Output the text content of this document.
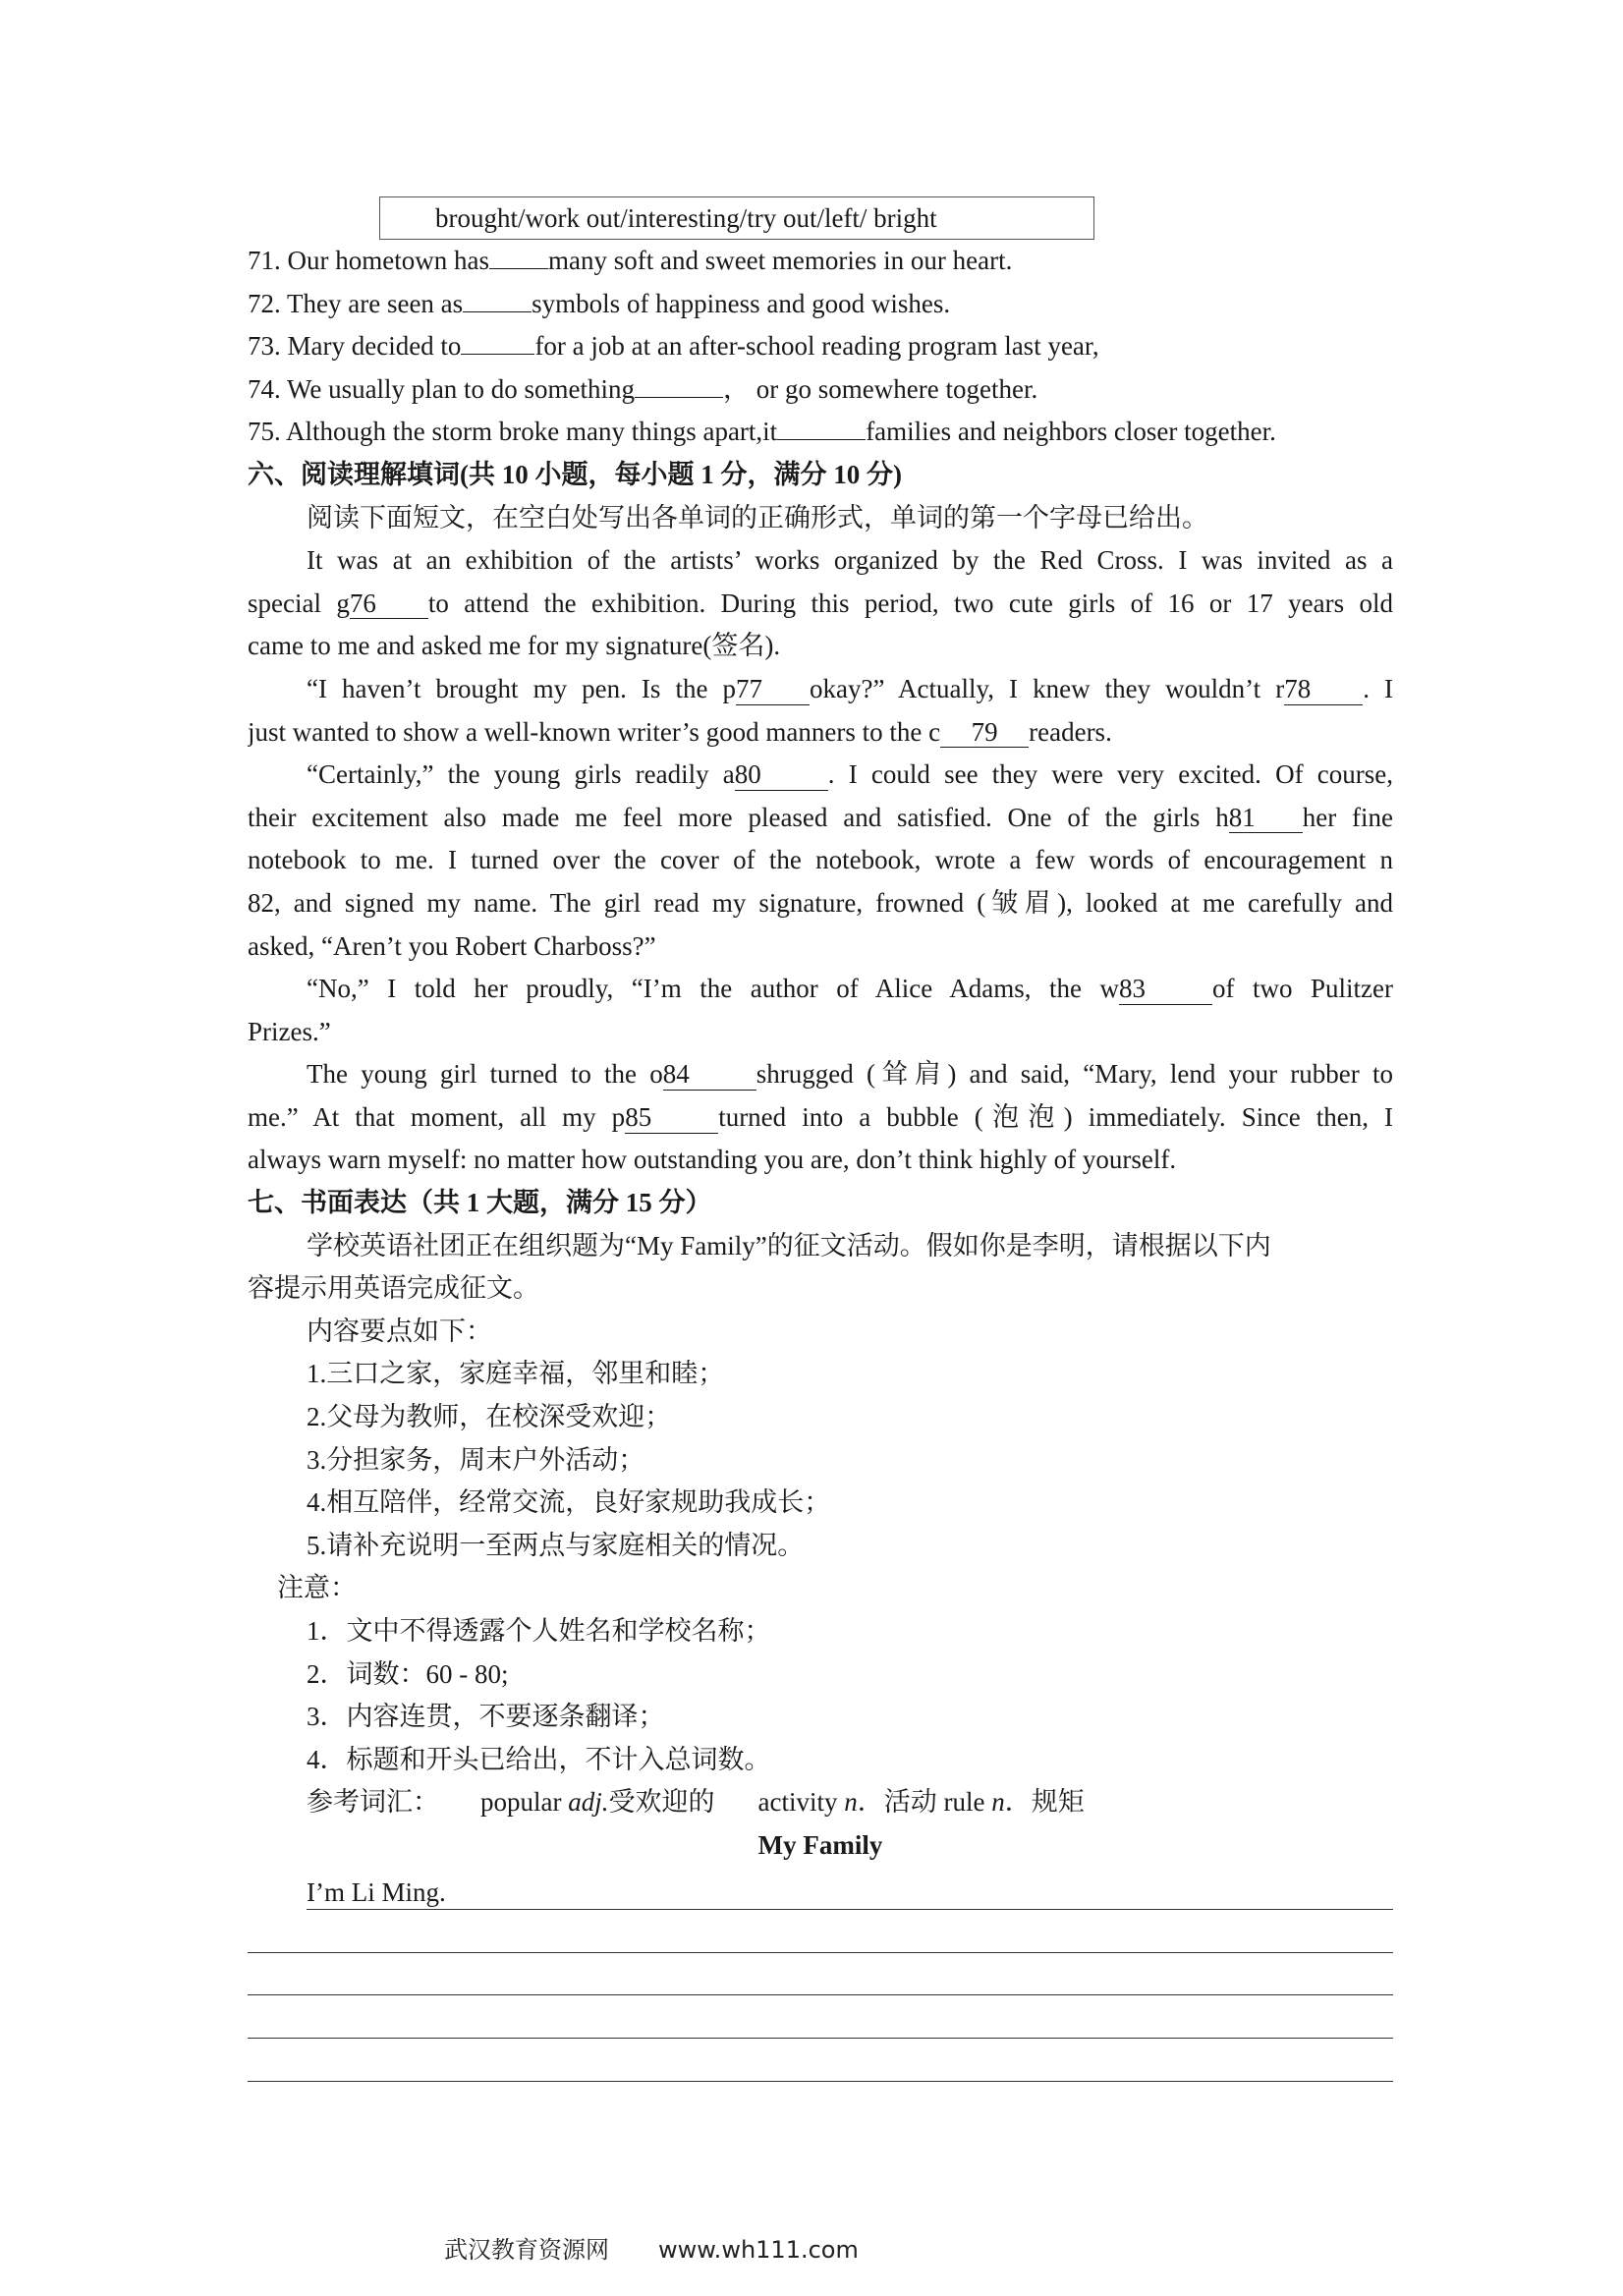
brought/work out/interesting/try out/left/ bright
71. Our hometown has many soft and sweet memories in our heart.
72. They are seen as	symbols of happiness and good wishes.
73. Mary decided to	for a job at an after-school reading program last year,
74. We usually plan to do something	， or go somewhere together.
75. Although the storm broke many things apart,it	families and neighbors closer together.
六、阅读理解填词(共 10 小题，每小题 1 分，满分 10 分)
阅读下面短文，在空白处写出各单词的正确形式，单词的第一个字母已给出。
It was at an exhibition of the artists’ works organized by the Red Cross. I was invited as a
special g76 to attend the exhibition. During this period, two cute girls of 16 or 17 years old
came to me and asked me for my signature(签名).
“I haven’t brought my pen. Is the p77 okay?” Actually, I knew they wouldn’t r78 . I
just wanted to show a well-known writer’s good manners to the c 79 readers.
“Certainly,” the young girls readily a80	. I could see they were very excited. Of course,
their excitement also made me feel more pleased and satisfied. One of the girls h81 her fine
notebook to me. I turned over the cover of the notebook, wrote a few words of encouragement n
82, and signed my name. The girl read my signature, frowned (皱眉), looked at me carefully and
asked, “Aren’t you Robert Charboss?”
“No,” I told her proudly, “I’m the author of Alice Adams, the w83	of two Pulitzer
Prizes.”
The young girl turned to the o84	shrugged (耸肩) and said, “Mary, lend your rubber to
me.” At that moment, all my p85	turned into a bubble (泡泡) immediately. Since then, I
always warn myself: no matter how outstanding you are, don’t think highly of yourself.
七、书面表达（共 1 大题，满分 15 分）
学校英语社团正在组织题为“My Family”的征文活动。假如你是李明，请根据以下内
容提示用英语完成征文。
内容要点如下：
1.三口之家，家庭幸福，邻里和睦；
2.父母为教师，在校深受欢迎；
3.分担家务，周末户外活动；
4.相互陪伴，经常交流，良好家规助我成长；
5.请补充说明一至两点与家庭相关的情况。
注意：
1．文中不得透露个人姓名和学校名称；
2．词数：60 - 80;
3．内容连贯，不要逐条翻译；
4．标题和开头已给出，不计入总词数。
参考词汇： popular adj.受欢迎的 activity n．活动 rule n．规矩
My Family
I’m Li Ming.
武汉教育资源网 www.wh111.com
